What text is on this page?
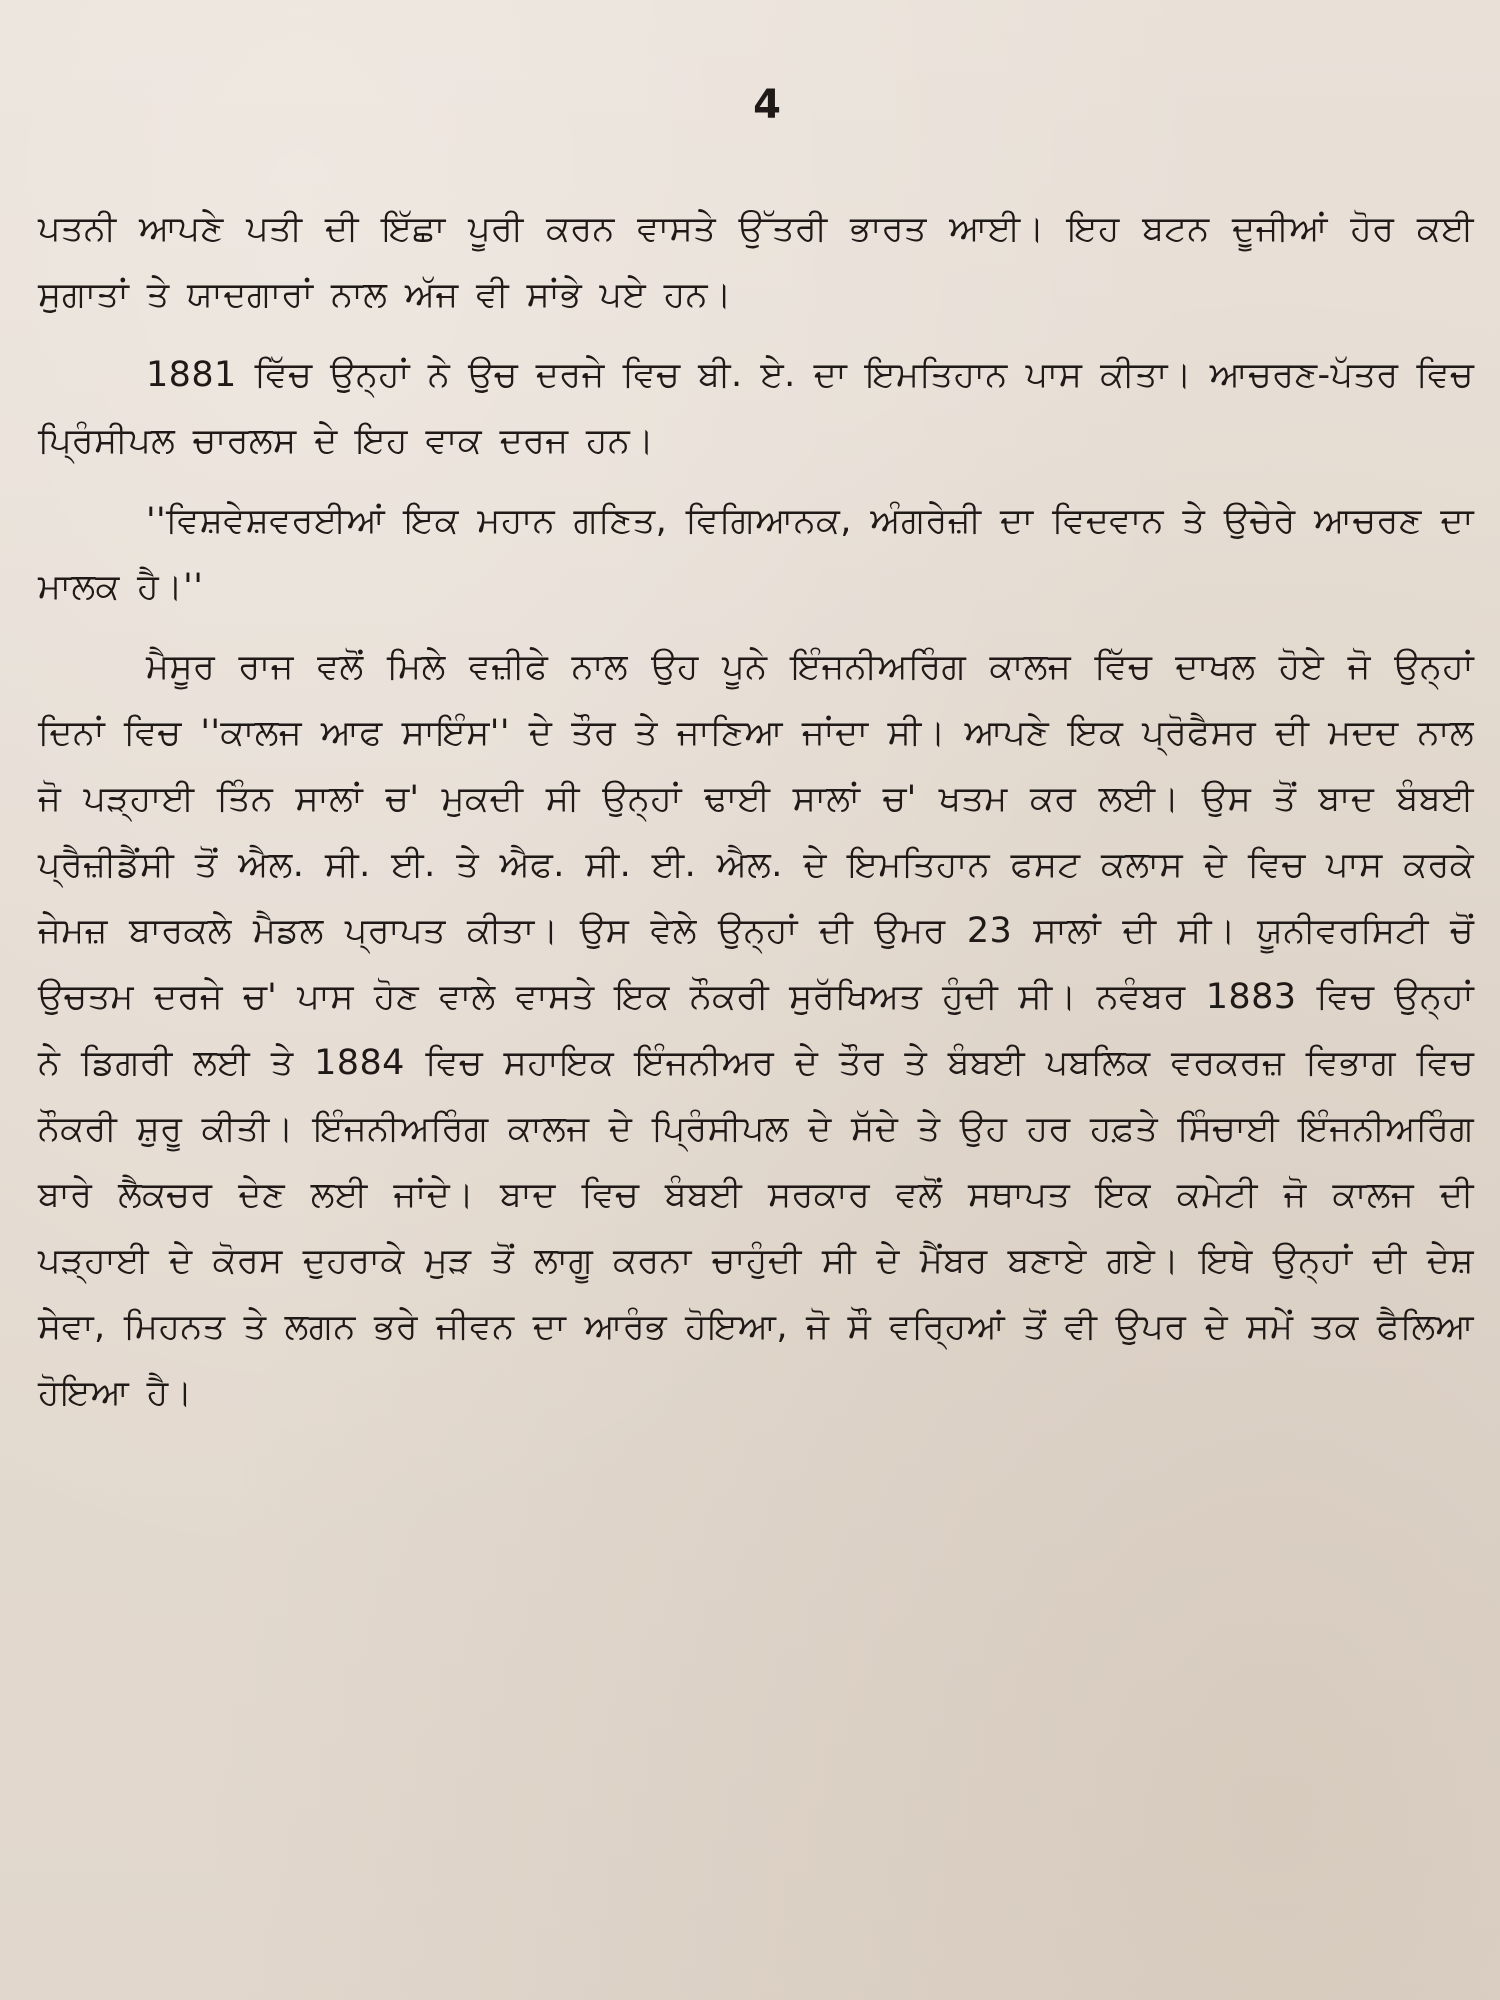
4

ਪਤਨੀ ਆਪਣੇ ਪਤੀ ਦੀ ਇੱਛਾ ਪੂਰੀ ਕਰਨ ਵਾਸਤੇ ਉੱਤਰੀ ਭਾਰਤ ਆਈ। ਇਹ ਬਟਨ ਦੂਜੀਆਂ ਹੋਰ ਕਈ ਸੁਗਾਤਾਂ ਤੇ ਯਾਦਗਾਰਾਂ ਨਾਲ ਅੱਜ ਵੀ ਸਾਂਭੇ ਪਏ ਹਨ।

1881 ਵਿੱਚ ਉਨ੍ਹਾਂ ਨੇ ਉਚ ਦਰਜੇ ਵਿਚ ਬੀ. ਏ. ਦਾ ਇਮਤਿਹਾਨ ਪਾਸ ਕੀਤਾ। ਆਚਰਣ-ਪੱਤਰ ਵਿਚ ਪ੍ਰਿੰਸੀਪਲ ਚਾਰਲਸ ਦੇ ਇਹ ਵਾਕ ਦਰਜ ਹਨ।

''ਵਿਸ਼ਵੇਸ਼ਵਰਈਆਂ ਇਕ ਮਹਾਨ ਗਣਿਤ, ਵਿਗਿਆਨਕ, ਅੰਗਰੇਜ਼ੀ ਦਾ ਵਿਦਵਾਨ ਤੇ ਉਚੇਰੇ ਆਚਰਣ ਦਾ ਮਾਲਕ ਹੈ।''

ਮੈਸੂਰ ਰਾਜ ਵਲੋਂ ਮਿਲੇ ਵਜ਼ੀਫੇ ਨਾਲ ਉਹ ਪੂਨੇ ਇੰਜਨੀਅਰਿੰਗ ਕਾਲਜ ਵਿੱਚ ਦਾਖਲ ਹੋਏ ਜੋ ਉਨ੍ਹਾਂ ਦਿਨਾਂ ਵਿਚ ''ਕਾਲਜ ਆਫ ਸਾਇੰਸ'' ਦੇ ਤੌਰ ਤੇ ਜਾਣਿਆ ਜਾਂਦਾ ਸੀ। ਆਪਣੇ ਇਕ ਪ੍ਰੋਫੈਸਰ ਦੀ ਮਦਦ ਨਾਲ ਜੋ ਪੜ੍ਹਾਈ ਤਿੰਨ ਸਾਲਾਂ ਚ' ਮੁਕਦੀ ਸੀ ਉਨ੍ਹਾਂ ਢਾਈ ਸਾਲਾਂ ਚ' ਖਤਮ ਕਰ ਲਈ। ਉਸ ਤੋਂ ਬਾਦ ਬੰਬਈ ਪ੍ਰੈਜ਼ੀਡੈਂਸੀ ਤੋਂ ਐਲ. ਸੀ. ਈ. ਤੇ ਐਫ. ਸੀ. ਈ. ਐਲ. ਦੇ ਇਮਤਿਹਾਨ ਫਸਟ ਕਲਾਸ ਦੇ ਵਿਚ ਪਾਸ ਕਰਕੇ ਜੇਮਜ਼ ਬਾਰਕਲੇ ਮੈਡਲ ਪ੍ਰਾਪਤ ਕੀਤਾ। ਉਸ ਵੇਲੇ ਉਨ੍ਹਾਂ ਦੀ ਉਮਰ 23 ਸਾਲਾਂ ਦੀ ਸੀ। ਯੂਨੀਵਰਸਿਟੀ ਚੋਂ ਉਚਤਮ ਦਰਜੇ ਚ' ਪਾਸ ਹੋਣ ਵਾਲੇ ਵਾਸਤੇ ਇਕ ਨੌਕਰੀ ਸੁਰੱਖਿਅਤ ਹੁੰਦੀ ਸੀ। ਨਵੰਬਰ 1883 ਵਿਚ ਉਨ੍ਹਾਂ ਨੇ ਡਿਗਰੀ ਲਈ ਤੇ 1884 ਵਿਚ ਸਹਾਇਕ ਇੰਜਨੀਅਰ ਦੇ ਤੌਰ ਤੇ ਬੰਬਈ ਪਬਲਿਕ ਵਰਕਰਜ਼ ਵਿਭਾਗ ਵਿਚ ਨੌਕਰੀ ਸ਼ੁਰੂ ਕੀਤੀ। ਇੰਜਨੀਅਰਿੰਗ ਕਾਲਜ ਦੇ ਪ੍ਰਿੰਸੀਪਲ ਦੇ ਸੱਦੇ ਤੇ ਉਹ ਹਰ ਹਫ਼ਤੇ ਸਿੰਚਾਈ ਇੰਜਨੀਅਰਿੰਗ ਬਾਰੇ ਲੈਕਚਰ ਦੇਣ ਲਈ ਜਾਂਦੇ। ਬਾਦ ਵਿਚ ਬੰਬਈ ਸਰਕਾਰ ਵਲੋਂ ਸਥਾਪਤ ਇਕ ਕਮੇਟੀ ਜੋ ਕਾਲਜ ਦੀ ਪੜ੍ਹਾਈ ਦੇ ਕੋਰਸ ਦੁਹਰਾਕੇ ਮੁੜ ਤੋਂ ਲਾਗੂ ਕਰਨਾ ਚਾਹੁੰਦੀ ਸੀ ਦੇ ਮੈਂਬਰ ਬਣਾਏ ਗਏ। ਇਥੇ ਉਨ੍ਹਾਂ ਦੀ ਦੇਸ਼ ਸੇਵਾ, ਮਿਹਨਤ ਤੇ ਲਗਨ ਭਰੇ ਜੀਵਨ ਦਾ ਆਰੰਭ ਹੋਇਆ, ਜੋ ਸੌ ਵਰ੍ਹਿਆਂ ਤੋਂ ਵੀ ਉਪਰ ਦੇ ਸਮੇਂ ਤਕ ਫੈਲਿਆ ਹੋਇਆ ਹੈ।
